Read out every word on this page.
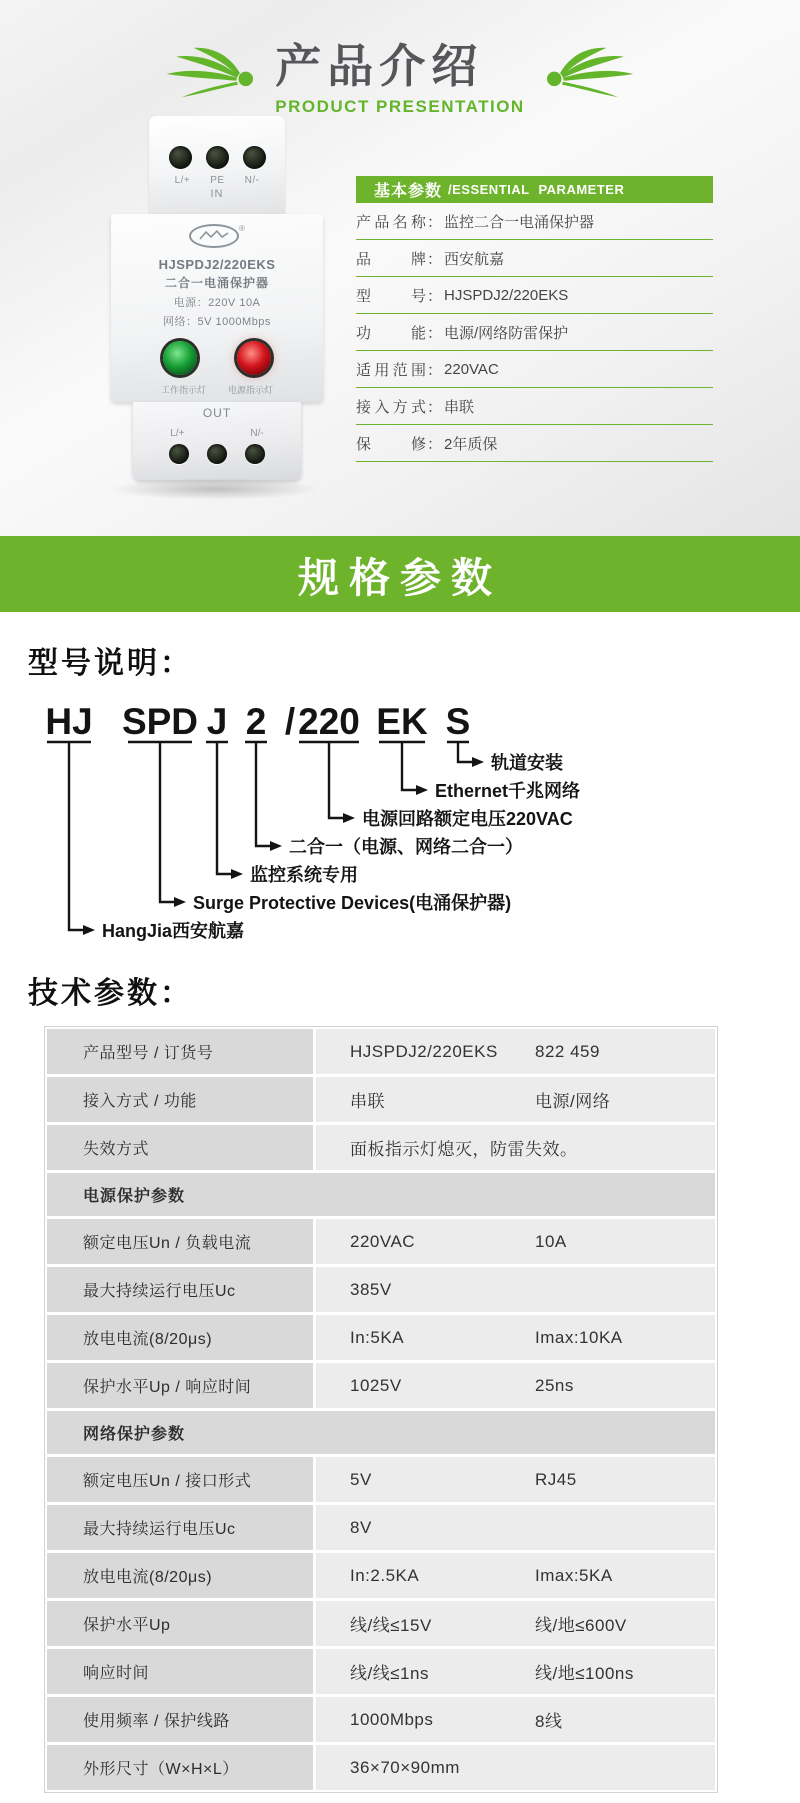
产品介绍
PRODUCT PRESENTATION
L/+ PE N/-
IN
®
HJSPDJ2/220EKS
二合一电涌保护器
电源：220V 10A
网络：5V 1000Mbps
工作指示灯 电源指示灯
OUT
L/+	N/-
基本参数 /ESSENTIAL PARAMETER
产品名称 ： 监控二合一电涌保护器
品牌 ： 西安航嘉
型号 ： HJSPDJ2/220EKS
功能 ： 电源/网络防雷保护
适用范围 ： 220VAC
接入方式 ： 串联
保修 ： 2年质保
规格参数
型号说明：
HJ SPD J 2 / 220 EK S
轨道安装
Ethernet千兆网络
电源回路额定电压220VAC
二合一（电源、网络二合一）
监控系统专用
Surge Protective Devices(电涌保护器)
HangJia西安航嘉
技术参数：
产品型号 / 订货号	HJSPDJ2/220EKS	822 459
接入方式 / 功能	串联	电源/网络
失效方式	面板指示灯熄灭，防雷失效。
电源保护参数
额定电压Un / 负载电流	220VAC	10A
最大持续运行电压Uc	385V
放电电流(8/20μs)	In:5KA	Imax:10KA
保护水平Up / 响应时间	1025V	25ns
网络保护参数
额定电压Un / 接口形式	5V	RJ45
最大持续运行电压Uc	8V
放电电流(8/20μs)	In:2.5KA	Imax:5KA
保护水平Up	线/线≤15V	线/地≤600V
响应时间	线/线≤1ns	线/地≤100ns
使用频率 / 保护线路	1000Mbps	8线
外形尺寸（W×H×L）	36×70×90mm
